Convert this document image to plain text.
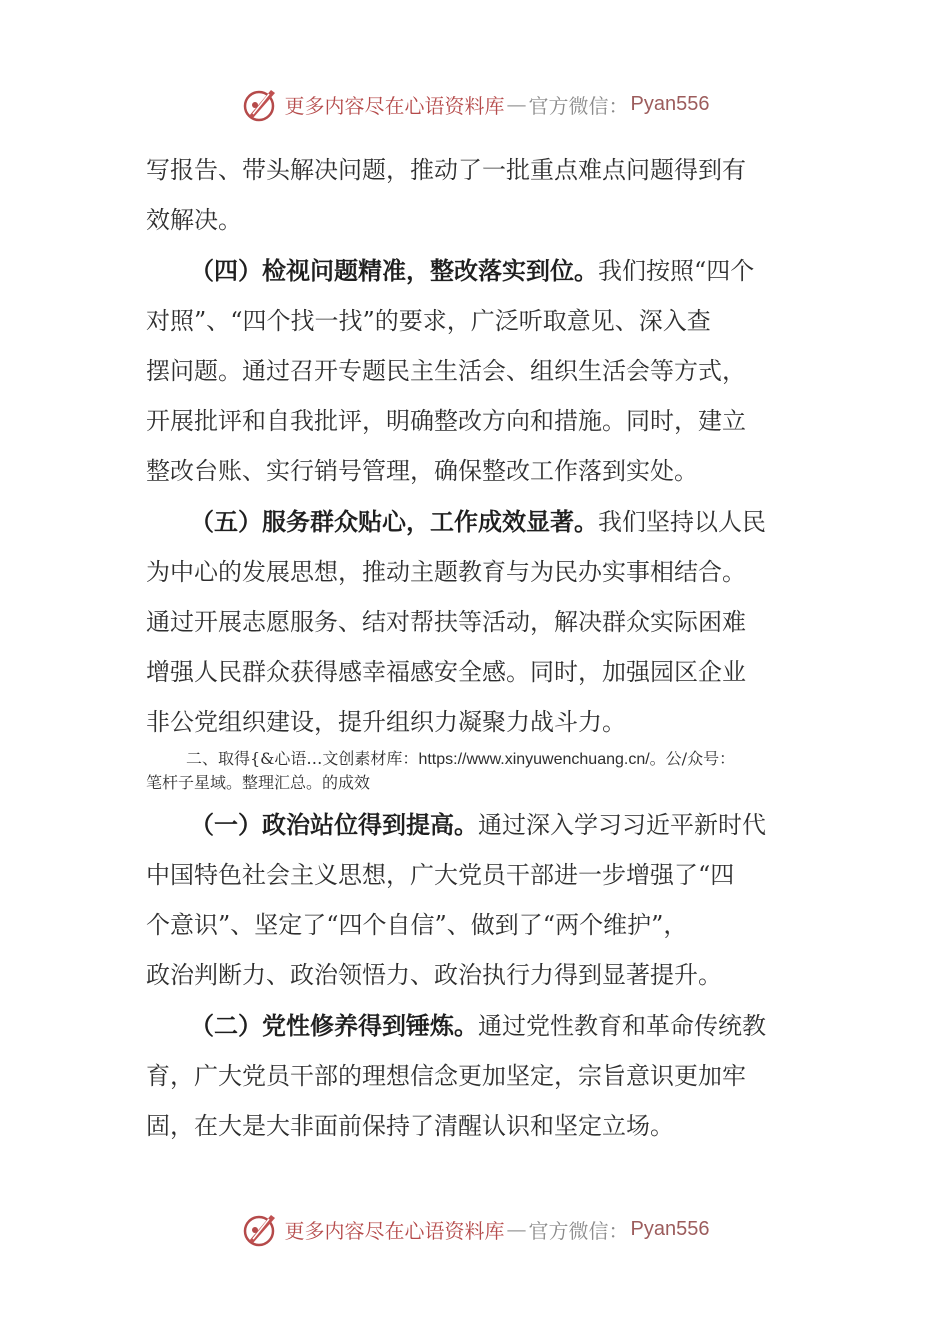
更多内容尽在心语资料库 — 官方微信： Pyan556
写报告、带头解决问题，推动了一批重点难点问题得到有
效解决。
（四）检视问题精准，整改落实到位。我们按照“四个
对照”、“四个找一找”的要求，广泛听取意见、深入查
摆问题。通过召开专题民主生活会、组织生活会等方式，
开展批评和自我批评，明确整改方向和措施。同时，建立
整改台账、实行销号管理，确保整改工作落到实处。
（五）服务群众贴心，工作成效显著。我们坚持以人民
为中心的发展思想，推动主题教育与为民办实事相结合。
通过开展志愿服务、结对帮扶等活动，解决群众实际困难
增强人民群众获得感幸福感安全感。同时，加强园区企业
非公党组织建设，提升组织力凝聚力战斗力。
二、取得{&心语…文创素材库：https://www.xinyuwenchuang.cn/。公/众号：
笔杆子星域。整理汇总。的成效
（一）政治站位得到提高。通过深入学习习近平新时代
中国特色社会主义思想，广大党员干部进一步增强了“四
个意识”、坚定了“四个自信”、做到了“两个维护”，
政治判断力、政治领悟力、政治执行力得到显著提升。
（二）党性修养得到锤炼。通过党性教育和革命传统教
育，广大党员干部的理想信念更加坚定，宗旨意识更加牢
固，在大是大非面前保持了清醒认识和坚定立场。
更多内容尽在心语资料库 — 官方微信： Pyan556
